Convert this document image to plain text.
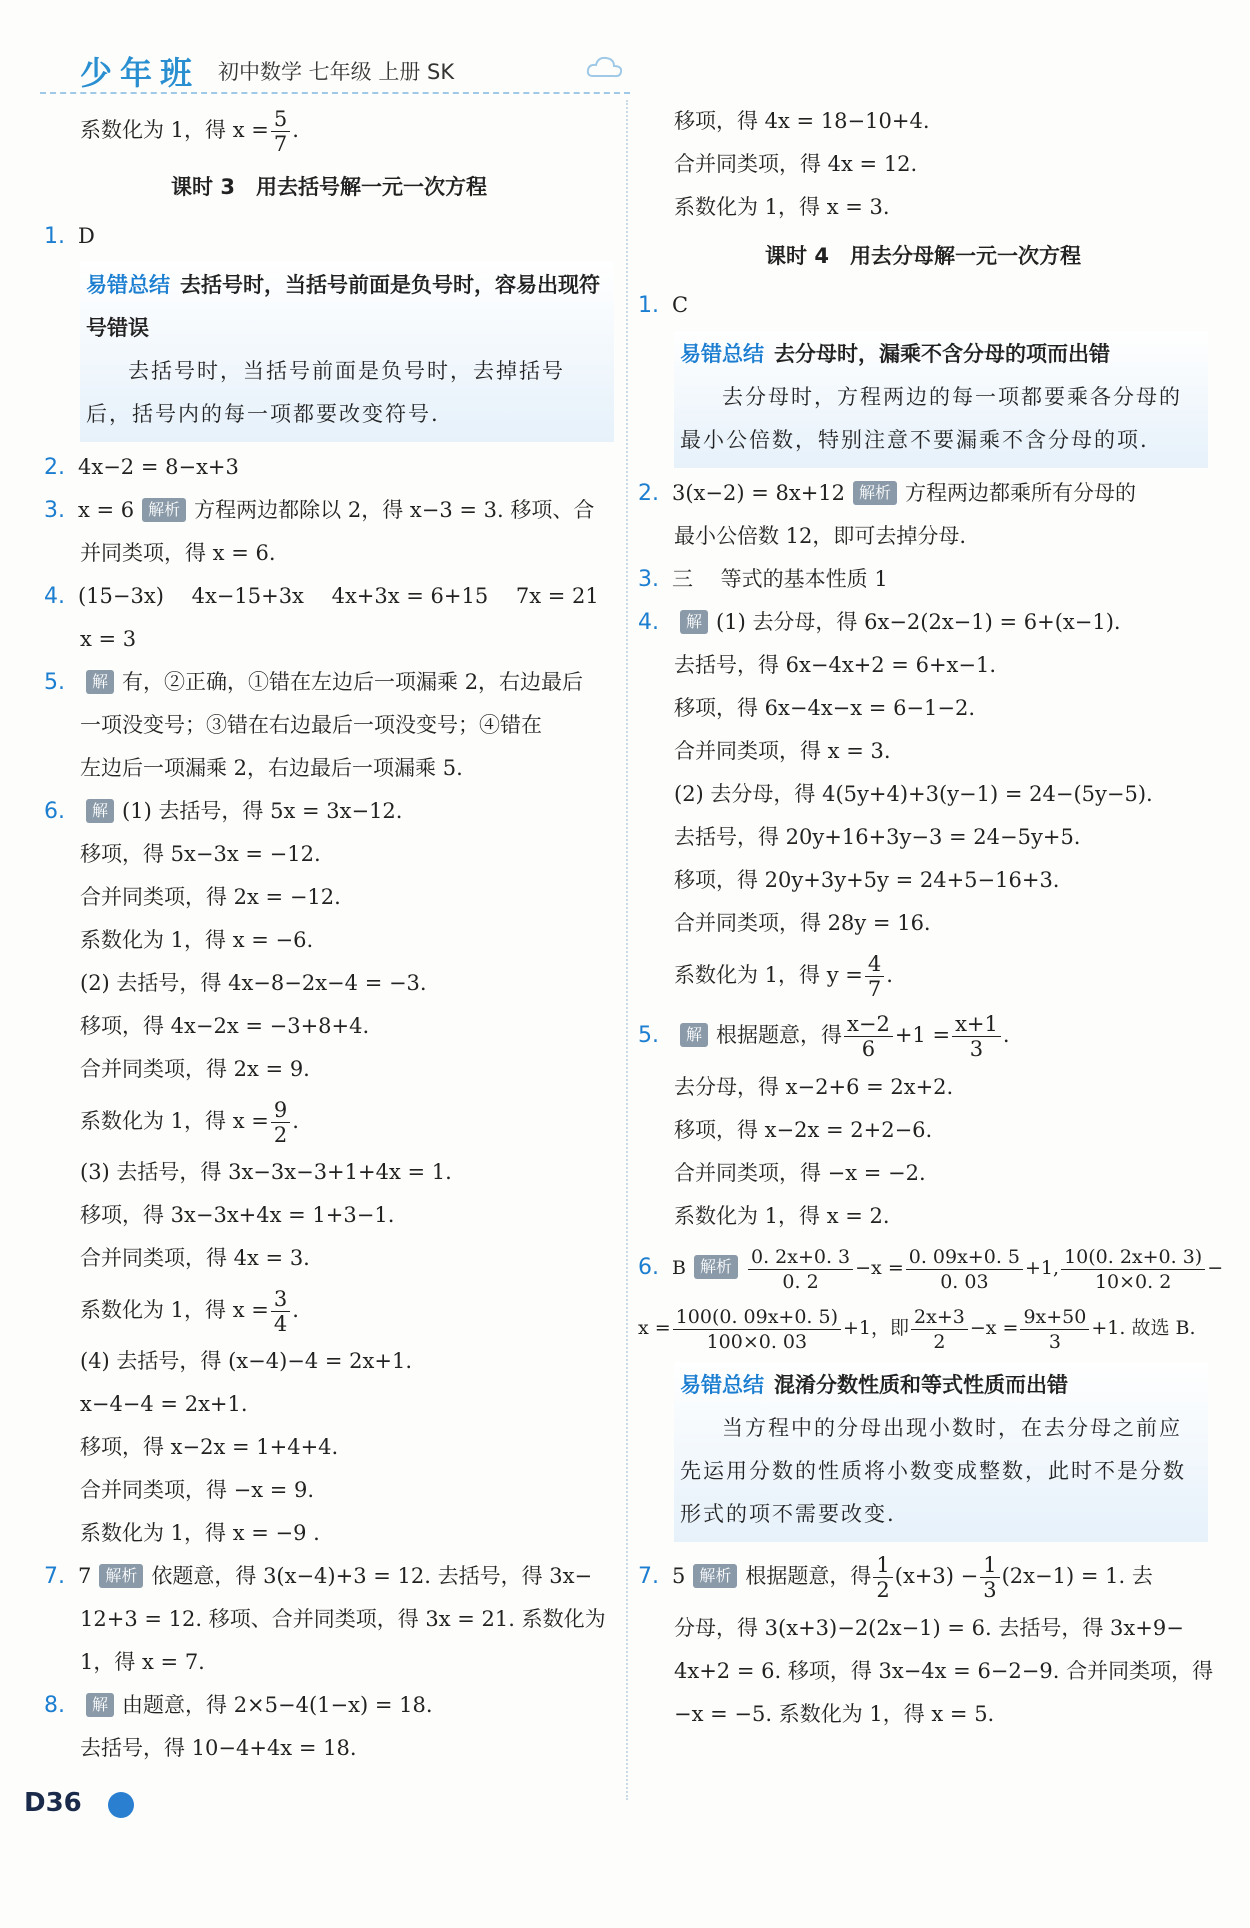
少年班 初中数学 七年级 上册 SK
系数化为 1，得 $x = \frac{5}{7}$ .
课时 3　用去括号解一元一次方程
1. D
易错总结 去括号时，当括号前面是负号时，容易出现符号错误
去括号时，当括号前面是负号时，去掉括号后，括号内的每一项都要改变符号.
2. 4x−2 = 8−x+3
3. x = 6 解析 方程两边都除以 2，得 x−3 = 3. 移项、合
并同类项，得 x = 6.
4. (15−3x)　 4x−15+3x　 4x+3x = 6+15　 7x = 21
x = 3
5. 解 有，②正确，①错在左边后一项漏乘 2，右边最后
一项没变号；③错在右边最后一项没变号；④错在
左边后一项漏乘 2，右边最后一项漏乘 5.
6. 解 (1) 去括号，得 5x = 3x−12.
移项，得 5x−3x = −12.
合并同类项，得 2x = −12.
系数化为 1，得 x = −6.
(2) 去括号，得 4x−8−2x−4 = −3.
移项，得 4x−2x = −3+8+4.
合并同类项，得 2x = 9.
系数化为 1，得 $x = \frac{9}{2}$ .
(3) 去括号，得 3x−3x−3+1+4x = 1.
移项，得 3x−3x+4x = 1+3−1.
合并同类项，得 4x = 3.
系数化为 1，得 $x = \frac{3}{4}$ .
(4) 去括号，得 (x−4)−4 = 2x+1.
x−4−4 = 2x+1.
移项，得 x−2x = 1+4+4.
合并同类项，得 −x = 9.
系数化为 1，得 x = −9 .
7. 7 解析 依题意，得 3(x−4)+3 = 12. 去括号，得 3x−
12+3 = 12. 移项、合并同类项，得 3x = 21. 系数化为
1，得 x = 7.
8. 解 由题意，得 2×5−4(1−x) = 18.
去括号，得 10−4+4x = 18.
移项，得 4x = 18−10+4.
合并同类项，得 4x = 12.
系数化为 1，得 x = 3.
课时 4　用去分母解一元一次方程
1. C
易错总结 去分母时，漏乘不含分母的项而出错
去分母时，方程两边的每一项都要乘各分母的最小公倍数，特别注意不要漏乘不含分母的项.
2. 3(x−2) = 8x+12 解析 方程两边都乘所有分母的
最小公倍数 12，即可去掉分母.
3. 三　 等式的基本性质 1
4. 解 (1) 去分母，得 6x−2(2x−1) = 6+(x−1).
去括号，得 6x−4x+2 = 6+x−1.
移项，得 6x−4x−x = 6−1−2.
合并同类项，得 x = 3.
(2) 去分母，得 4(5y+4)+3(y−1) = 24−(5y−5).
去括号，得 20y+16+3y−3 = 24−5y+5.
移项，得 20y+3y+5y = 24+5−16+3.
合并同类项，得 28y = 16.
系数化为 1，得 $y = \frac{4}{7}$ .
5. 解 根据题意，得 $\frac{x-2}{6} +1 = \frac{x+1}{3}$ .
去分母，得 x−2+6 = 2x+2.
移项，得 x−2x = 2+2−6.
合并同类项，得 −x = −2.
系数化为 1，得 x = 2.
6. B 解析 $\frac{0. 2x+0. 3}{0. 2} -x = \frac{0. 09x+0. 5}{0. 03} +1$, $\frac{10(0. 2x+0. 3)}{10\times 0. 2}$ −
$x = \frac{100(0. 09x+0. 5)}{100\times 0. 03} +1$，即 $\frac{2x+3}{2} -x = \frac{9x+50}{3} +1$. 故选 B.
易错总结 混淆分数性质和等式性质而出错
当方程中的分母出现小数时，在去分母之前应先运用分数的性质将小数变成整数，此时不是分数形式的项不需要改变.
7. 5 解析 根据题意，得 $\frac{1}{2} (x+3) - \frac{1}{3} (2x-1) = 1$. 去
分母，得 3(x+3)−2(2x−1) = 6. 去括号，得 3x+9−
4x+2 = 6. 移项，得 3x−4x = 6−2−9. 合并同类项，得
−x = −5. 系数化为 1，得 x = 5.
D36
